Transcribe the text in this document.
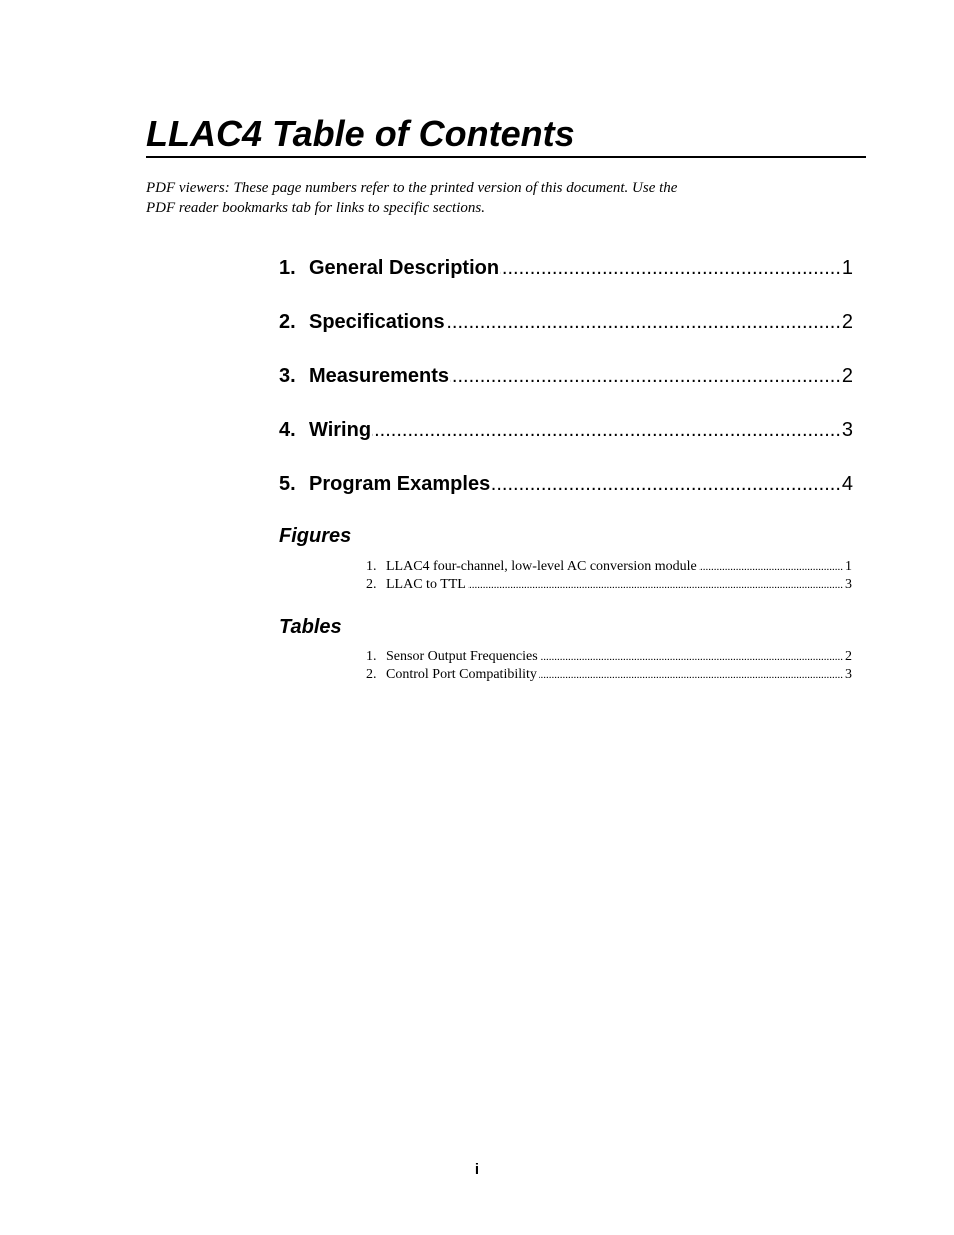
LLAC4 Table of Contents
PDF viewers: These page numbers refer to the printed version of this document. Use the
PDF reader bookmarks tab for links to specific sections.
1. General Description .....	1
2. Specifications .....	2
3. Measurements .....	2
4. Wiring .....	3
5. Program Examples .....	4
Figures
1. LLAC4 four-channel, low-level AC conversion module .....	1
2. LLAC to TTL .....	3
Tables
1. Sensor Output Frequencies .....	2
2. Control Port Compatibility .....	3
i
